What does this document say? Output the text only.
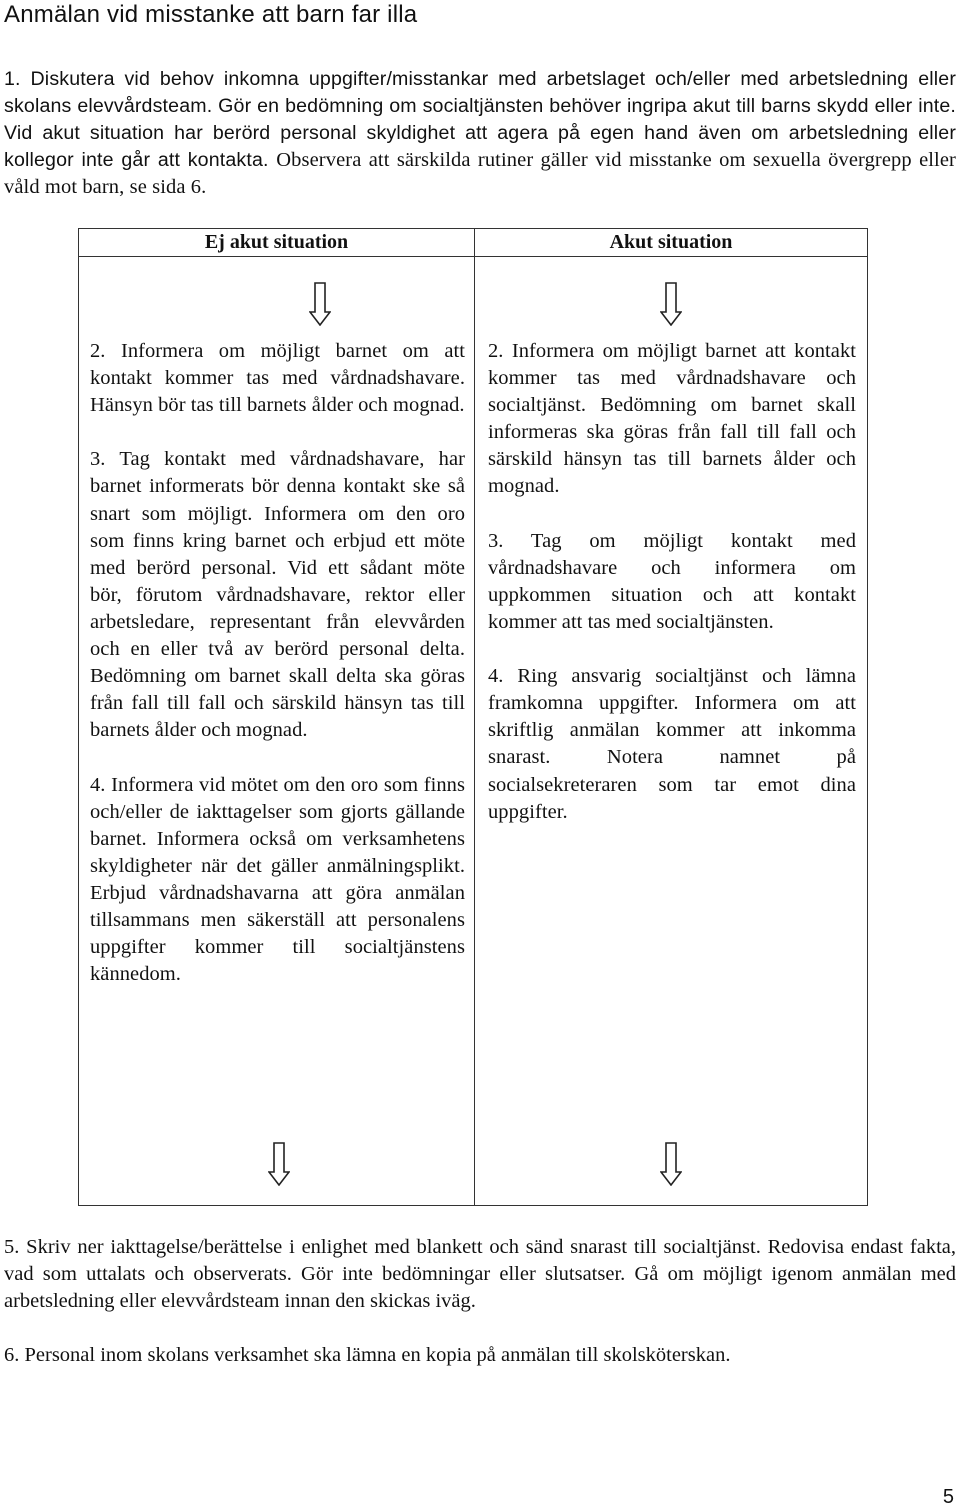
Anmälan vid misstanke att barn far illa
1. Diskutera vid behov inkomna uppgifter/misstankar med arbetslaget och/eller med arbetsledning eller skolans elevvårdsteam. Gör en bedömning om socialtjänsten behöver ingripa akut till barns skydd eller inte. Vid akut situation har berörd personal skyldighet att agera på egen hand även om arbetsledning eller kollegor inte går att kontakta. Observera att särskilda rutiner gäller vid misstanke om sexuella övergrepp eller våld mot barn, se sida 6.
Ej akut situation	Akut situation

2. Informera om möjligt barnet om att kontakt kommer tas med vårdnadshavare. Hänsyn bör tas till barnets ålder och mognad.

3. Tag kontakt med vårdnadshavare, har barnet informerats bör denna kontakt ske så snart som möjligt. Informera om den oro som finns kring barnet och erbjud ett möte med berörd personal. Vid ett sådant möte bör, förutom vårdnadshavare, rektor eller arbetsledare, representant från elevvården och en eller två av berörd personal delta. Bedömning om barnet skall delta ska göras från fall till fall och särskild hänsyn tas till barnets ålder och mognad.

4. Informera vid mötet om den oro som finns och/eller de iakttagelser som gjorts gällande barnet. Informera också om verksamhetens skyldigheter när det gäller anmälningsplikt. Erbjud vårdnadshavarna att göra anmälan tillsammans men säkerställ att personalens uppgifter kommer till socialtjänstens kännedom.

2. Informera om möjligt barnet att kontakt kommer tas med vårdnadshavare och socialtjänst. Bedömning om barnet skall informeras ska göras från fall till fall och särskild hänsyn tas till barnets ålder och mognad.

3. Tag om möjligt kontakt med vårdnadshavare och informera om uppkommen situation och att kontakt kommer att tas med socialtjänsten.

4. Ring ansvarig socialtjänst och lämna framkomna uppgifter. Informera om att skriftlig anmälan kommer att inkomma snarast. Notera namnet på socialsekreteraren som tar emot dina uppgifter.

5. Skriv ner iakttagelse/berättelse i enlighet med blankett och sänd snarast till socialtjänst. Redovisa endast fakta, vad som uttalats och observerats. Gör inte bedömningar eller slutsatser. Gå om möjligt igenom anmälan med arbetsledning eller elevvårdsteam innan den skickas iväg.

6. Personal inom skolans verksamhet ska lämna en kopia på anmälan till skolsköterskan.

5
